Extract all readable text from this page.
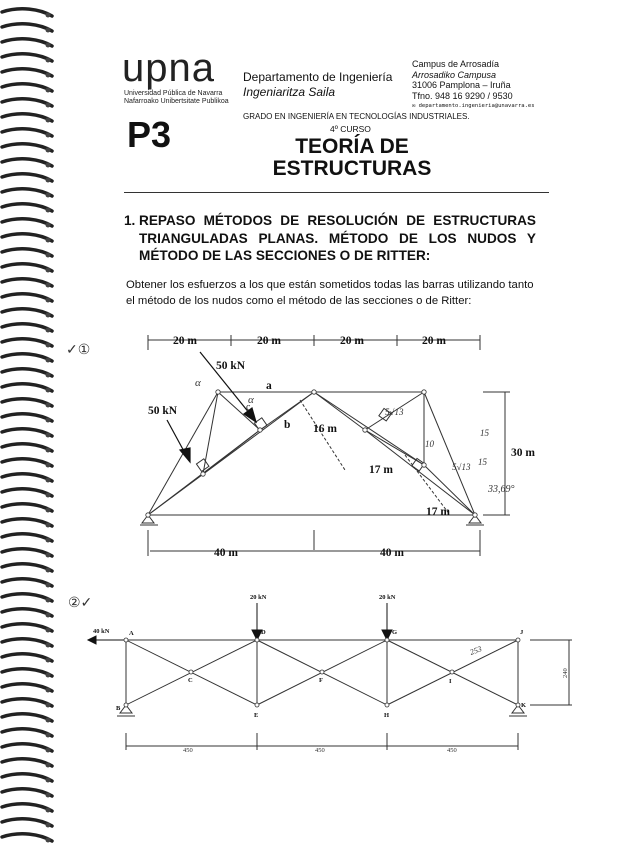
upna
Universidad Pública de Navarra
Nafarroako Unibertsitate Publikoa
Departamento de Ingeniería
Ingeniaritza Saila
Campus de Arrosadía
Arrosadiko Campusa
31006 Pamplona – Iruña
Tfno. 948 16 9290 / 9530
✉ departamento.ingenieria@unavarra.es
P3	GRADO EN INGENIERÍA EN TECNOLOGÍAS INDUSTRIALES.
4º CURSO
TEORÍA DE
ESTRUCTURAS
1. REPASO MÉTODOS DE RESOLUCIÓN DE ESTRUCTURAS TRIANGULADAS PLANAS. MÉTODO DE LOS NUDOS Y MÉTODO DE LAS SECCIONES O DE RITTER:
Obtener los esfuerzos a los que están sometidos todas las barras utilizando tanto el método de los nudos como el método de las secciones o de Ritter:
20 m	20 m	20 m	20 m
50 kN
50 kN
a
b 16 m
17 m
17 m
30 m
40 m	40 m
c
α
α
5√13
10
15
15
5√13
33,69°
✓①
40 kN
20 kN	20 kN
A
B
C
D
E
F
G
H
I
J
K
240
450	450	450
253
②✓
